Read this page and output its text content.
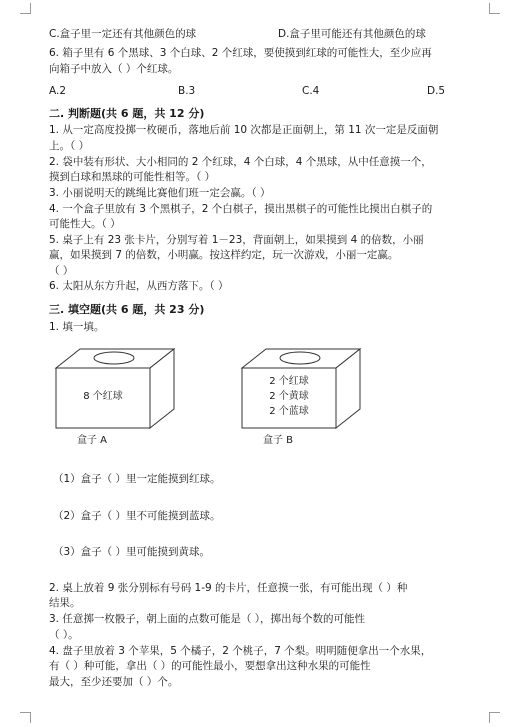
C.盒子里一定还有其他颜色的球	D.盒子里可能还有其他颜色的球
6. 箱子里有 6 个黑球、3 个白球、2 个红球，要使摸到红球的可能性大，至少应再
向箱子中放入（ ）个红球。
A.2	B.3	C.4	D.5
二. 判断题(共 6 题，共 12 分)
1. 从一定高度投掷一枚硬币，落地后前 10 次都是正面朝上，第 11 次一定是反面朝
上。（ ）
2. 袋中装有形状、大小相同的 2 个红球，4 个白球，4 个黑球，从中任意摸一个，
摸到白球和黑球的可能性相等。（ ）
3. 小丽说明天的跳绳比赛他们班一定会赢。（ ）
4. 一个盒子里放有 3 个黑棋子，2 个白棋子，摸出黑棋子的可能性比摸出白棋子的
可能性大。（ ）
5. 桌子上有 23 张卡片，分别写着 1－23，背面朝上，如果摸到 4 的倍数，小丽
赢，如果摸到 7 的倍数，小明赢。按这样约定，玩一次游戏，小丽一定赢。
（ ）
6. 太阳从东方升起，从西方落下。（ ）
三. 填空题(共 6 题，共 23 分)
1. 填一填。
8 个红球
盒子 A
2 个红球
2 个黄球
2 个蓝球
盒子 B
（1）盒子（ ）里一定能摸到红球。
（2）盒子（ ）里不可能摸到蓝球。
（3）盒子（ ）里可能摸到黄球。
2. 桌上放着 9 张分别标有号码 1-9 的卡片，任意摸一张，有可能出现（ ）种
结果。
3. 任意掷一枚骰子，朝上面的点数可能是（ ），掷出每个数的可能性
（ ）。
4. 盘子里放着 3 个苹果，5 个橘子，2 个桃子，7 个梨。明明随便拿出一个水果，
有（ ）种可能，拿出（ ）的可能性最小，要想拿出这种水果的可能性
最大，至少还要加（ ）个。
